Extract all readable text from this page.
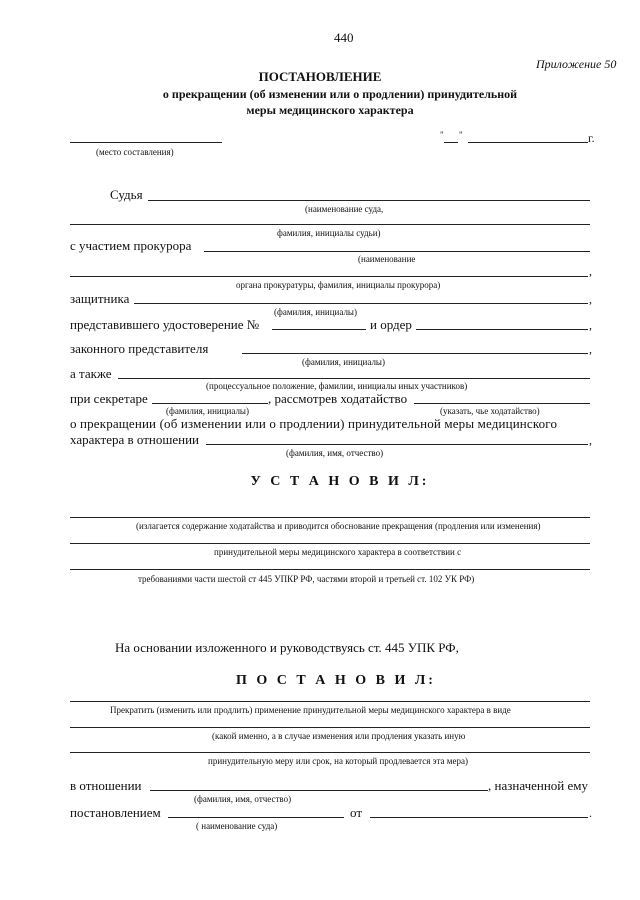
440
Приложение 50
ПОСТАНОВЛЕНИЕ
о прекращении (об изменении или о продлении) принудительной
меры медицинского характера
(место составления)
" "	г.
Судья
(наименование суда,
фамилия, инициалы судьи)
с участием прокурора
(наименование
,
органа прокуратуры, фамилия, инициалы прокурора)
защитника	,
(фамилия, инициалы)
представившего удостоверение №	и ордер	,
законного представителя	,
(фамилия, инициалы)
а также
(процессуальное положение, фамилии, инициалы иных участников)
при секретаре	, рассмотрев ходатайство
(фамилия, инициалы)	(указать, чье ходатайство)
о прекращении (об изменении или о продлении) принудительной меры медицинского
характера в отношении	,
(фамилия, имя, отчество)
У С Т А Н О В И Л:
(излагается содержание ходатайства и приводится обоснование прекращения (продления или изменения)
принудительной меры медицинского характера в соответствии с
требованиями части шестой ст 445 УПКР РФ, частями второй и третьей ст. 102 УК РФ)
На основании изложенного и руководствуясь ст. 445 УПК РФ,
П О С Т А Н О В И Л:
Прекратить (изменить или продлить) применение принудительной меры медицинского характера в виде
(какой именно, а в случае изменения или продления указать иную
принудительную меру или срок, на который продлевается эта мера)
в отношении	, назначенной ему
(фамилия, имя, отчество)
постановлением	от	.
( наименование суда)
